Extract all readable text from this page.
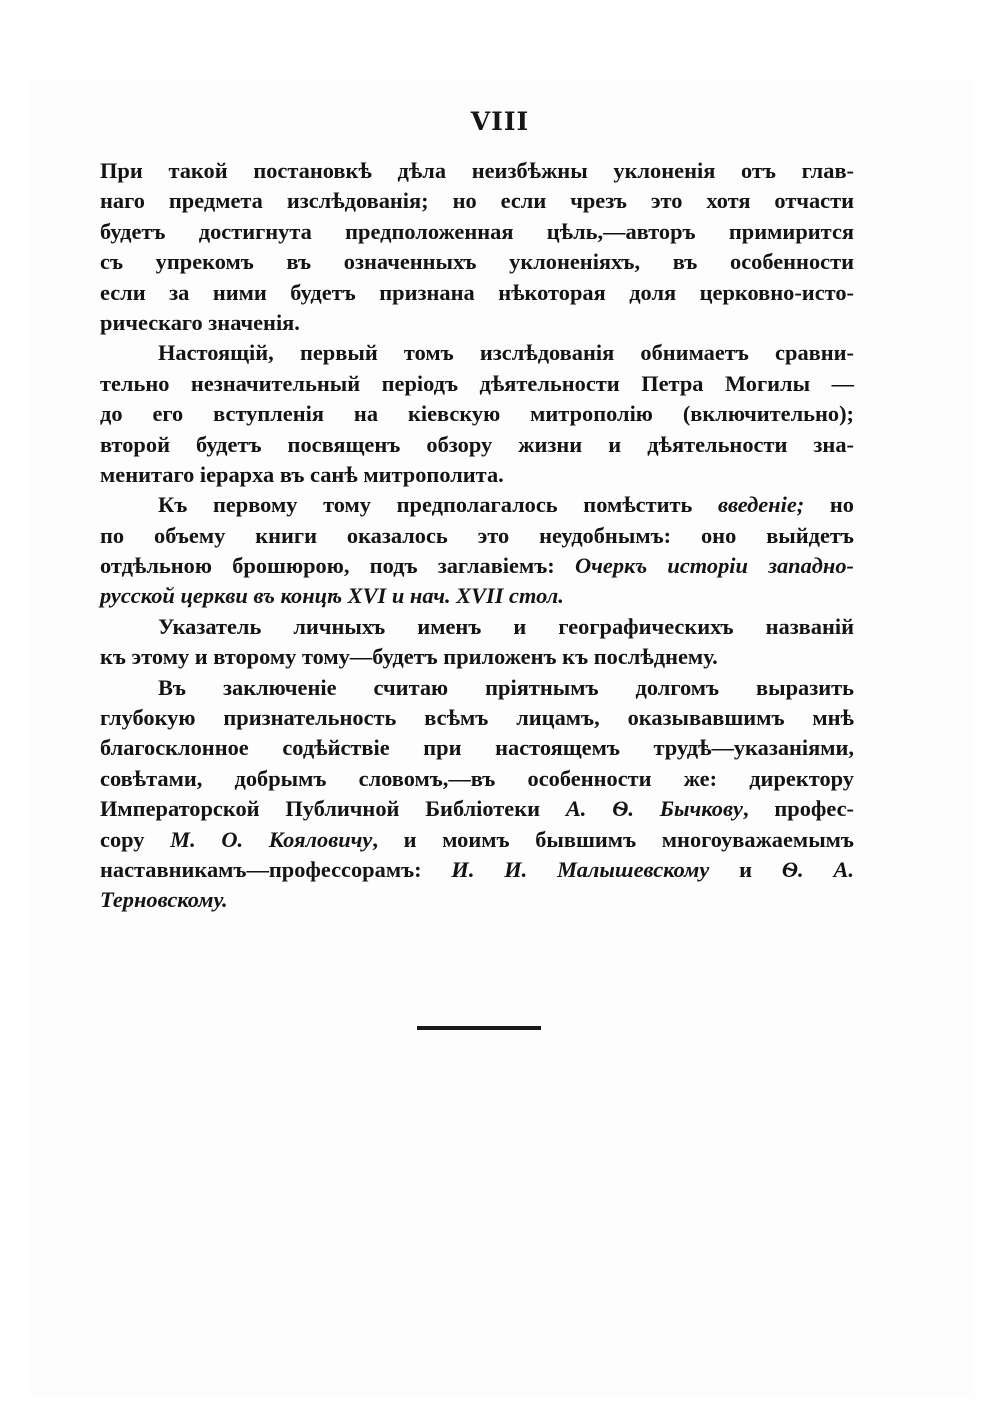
VIII
При такой постановкѣ дѣла неизбѣжны уклоненія отъ глав-
наго предмета изслѣдованія; но если чрезъ это хотя отчасти
будетъ достигнута предположенная цѣль,—авторъ примирится
съ упрекомъ въ означенныхъ уклоненіяхъ, въ особенности
если за ними будетъ признана нѣкоторая доля церковно-исто-
рическаго значенія.
Настоящій, первый томъ изслѣдованія обнимаетъ сравни-
тельно незначительный періодъ дѣятельности Петра Могилы —
до его вступленія на кіевскую митрополію (включительно);
второй будетъ посвященъ обзору жизни и дѣятельности зна-
менитаго іерарха въ санѣ митрополита.
Къ первому тому предполагалось помѣстить введеніе; но
по объему книги оказалось это неудобнымъ: оно выйдетъ
отдѣльною брошюрою, подъ заглавіемъ: Очеркъ исторіи западно-
русской церкви въ концѣ XVI и нач. XVII стол.
Указатель личныхъ именъ и географическихъ названій
къ этому и второму тому—будетъ приложенъ къ послѣднему.
Въ заключеніе считаю пріятнымъ долгомъ выразить
глубокую признательность всѣмъ лицамъ, оказывавшимъ мнѣ
благосклонное содѣйствіе при настоящемъ трудѣ—указаніями,
совѣтами, добрымъ словомъ,—въ особенности же: директору
Императорской Публичной Библіотеки А. Ѳ. Бычкову, профес-
сору М. О. Кояловичу, и моимъ бывшимъ многоуважаемымъ
наставникамъ—профессорамъ: И. И. Малышевскому и Ѳ. А.
Терновскому.
